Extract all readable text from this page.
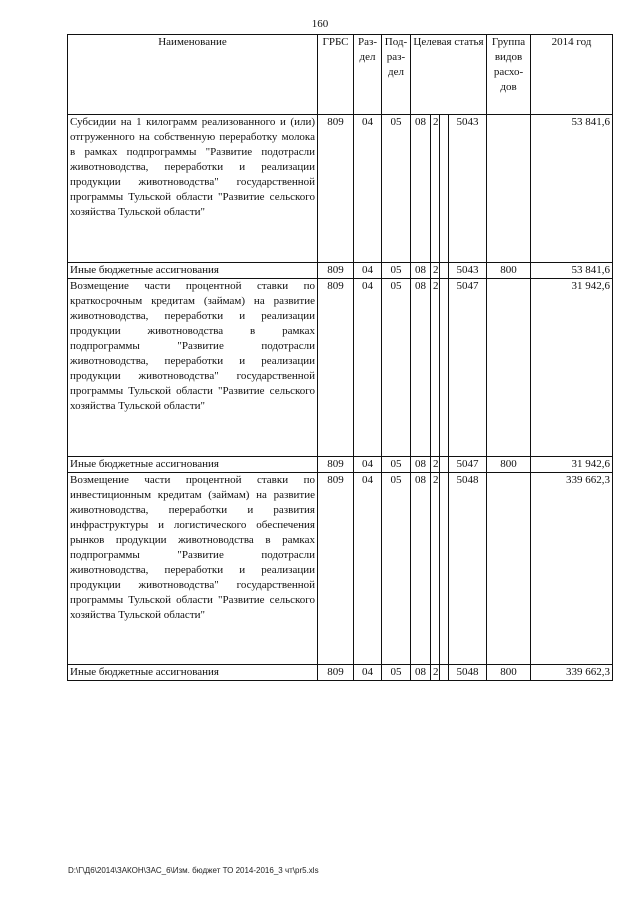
160
Наименование	ГРБС	Раз-дел	Под-раз-дел	Целевая статья				Группа видов расхо-дов	2014 год
Субсидии на 1 килограмм реализованного и (или) отгруженного на собственную переработку молока в рамках подпрограммы "Развитие подотрасли животноводства, переработки и реализации продукции животноводства" государственной программы Тульской области "Развитие сельского хозяйства Тульской области"	809	04	05	08	2		5043		53 841,6
Иные бюджетные ассигнования	809	04	05	08	2		5043	800	53 841,6
Возмещение части процентной ставки по краткосрочным кредитам (займам) на развитие животноводства, переработки и реализации продукции животноводства в рамках подпрограммы "Развитие подотрасли животноводства, переработки и реализации продукции животноводства" государственной программы Тульской области "Развитие сельского хозяйства Тульской области"	809	04	05	08	2		5047		31 942,6
Иные бюджетные ассигнования	809	04	05	08	2		5047	800	31 942,6
Возмещение части процентной ставки по инвестиционным кредитам (займам) на развитие животноводства, переработки и развития инфраструктуры и логистического обеспечения рынков продукции животноводства в рамках подпрограммы "Развитие подотрасли животноводства, переработки и реализации продукции животноводства" государственной программы Тульской области "Развитие сельского хозяйства Тульской области"	809	04	05	08	2		5048		339 662,3
Иные бюджетные ассигнования	809	04	05	08	2		5048	800	339 662,3
D:\Г\Д6\2014\ЗАКОН\ЗАС_6\Изм. бюджет ТО 2014-2016_3 чт\pr5.xls
